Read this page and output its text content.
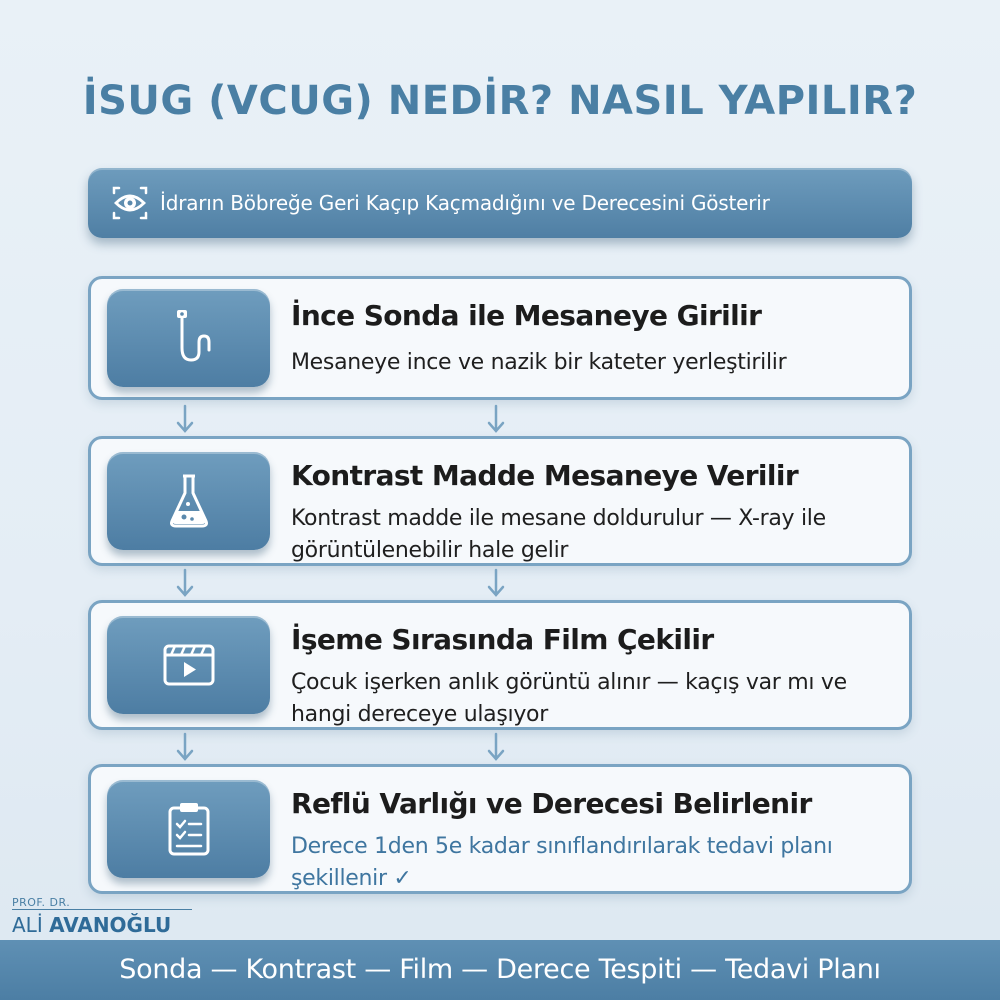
İSUG (VCUG) NEDİR? NASIL YAPILIR?
İdrarın Böbreğe Geri Kaçıp Kaçmadığını ve Derecesini Gösterir
İnce Sonda ile Mesaneye Girilir
Mesaneye ince ve nazik bir kateter yerleştirilir
Kontrast Madde Mesaneye Verilir
Kontrast madde ile mesane doldurulur — X-ray ile görüntülenebilir hale gelir
İşeme Sırasında Film Çekilir
Çocuk işerken anlık görüntü alınır — kaçış var mı ve hangi dereceye ulaşıyor
Reflü Varlığı ve Derecesi Belirlenir
Derece 1den 5e kadar sınıflandırılarak tedavi planı şekillenir ✓
PROF. DR.
ALİ AVANOĞLU
Sonda — Kontrast — Film — Derece Tespiti — Tedavi Planı
